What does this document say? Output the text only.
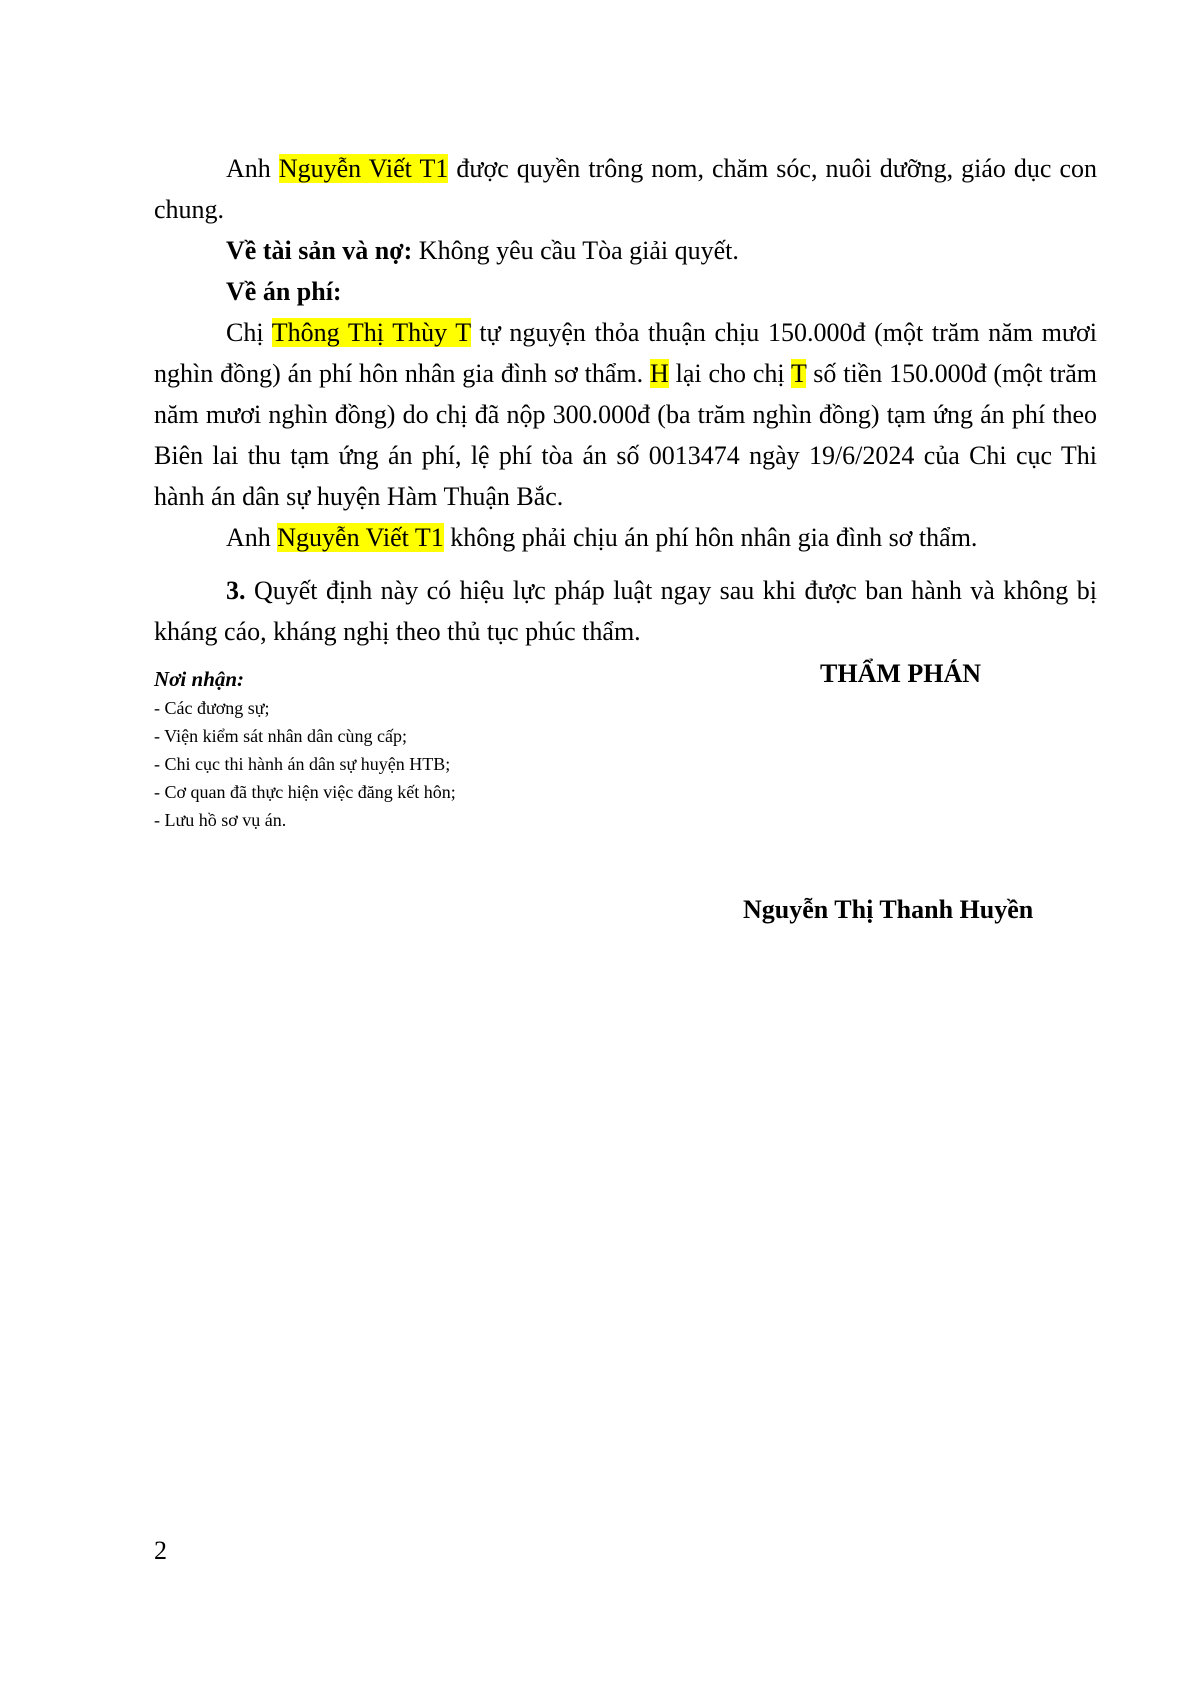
Anh Nguyễn Viết T1 được quyền trông nom, chăm sóc, nuôi dưỡng, giáo dục con chung.

Về tài sản và nợ: Không yêu cầu Tòa giải quyết.

Về án phí:

Chị Thông Thị Thùy T tự nguyện thỏa thuận chịu 150.000đ (một trăm năm mươi nghìn đồng) án phí hôn nhân gia đình sơ thẩm. H lại cho chị T số tiền 150.000đ (một trăm năm mươi nghìn đồng) do chị đã nộp 300.000đ (ba trăm nghìn đồng) tạm ứng án phí theo Biên lai thu tạm ứng án phí, lệ phí tòa án số 0013474 ngày 19/6/2024 của Chi cục Thi hành án dân sự huyện Hàm Thuận Bắc.

Anh Nguyễn Viết T1 không phải chịu án phí hôn nhân gia đình sơ thẩm.

3. Quyết định này có hiệu lực pháp luật ngay sau khi được ban hành và không bị kháng cáo, kháng nghị theo thủ tục phúc thẩm.

Nơi nhận:
- Các đương sự;
- Viện kiểm sát nhân dân cùng cấp;
- Chi cục thi hành án dân sự huyện HTB;
- Cơ quan đã thực hiện việc đăng kết hôn;
- Lưu hồ sơ vụ án.
THẨM PHÁN
Nguyễn Thị Thanh Huyền
2
